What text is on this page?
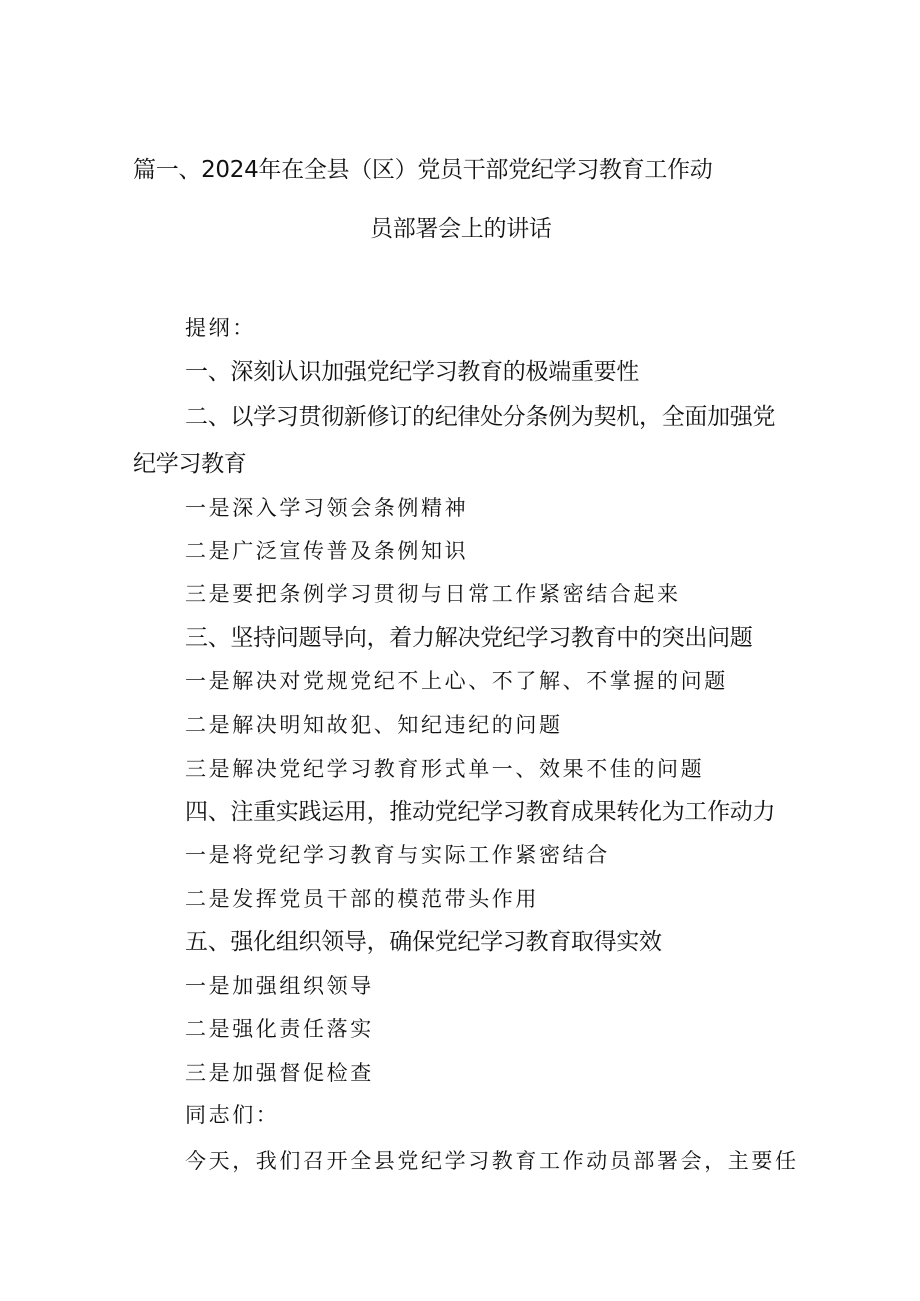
篇一、2024年在全县（区）党员干部党纪学习教育工作动
员部署会上的讲话
提纲：
一、深刻认识加强党纪学习教育的极端重要性
二、以学习贯彻新修订的纪律处分条例为契机，全面加强党
纪学习教育
一是深入学习领会条例精神
二是广泛宣传普及条例知识
三是要把条例学习贯彻与日常工作紧密结合起来
三、坚持问题导向，着力解决党纪学习教育中的突出问题
一是解决对党规党纪不上心、不了解、不掌握的问题
二是解决明知故犯、知纪违纪的问题
三是解决党纪学习教育形式单一、效果不佳的问题
四、注重实践运用，推动党纪学习教育成果转化为工作动力
一是将党纪学习教育与实际工作紧密结合
二是发挥党员干部的模范带头作用
五、强化组织领导，确保党纪学习教育取得实效
一是加强组织领导
二是强化责任落实
三是加强督促检查
同志们：
今天，我们召开全县党纪学习教育工作动员部署会，主要任
